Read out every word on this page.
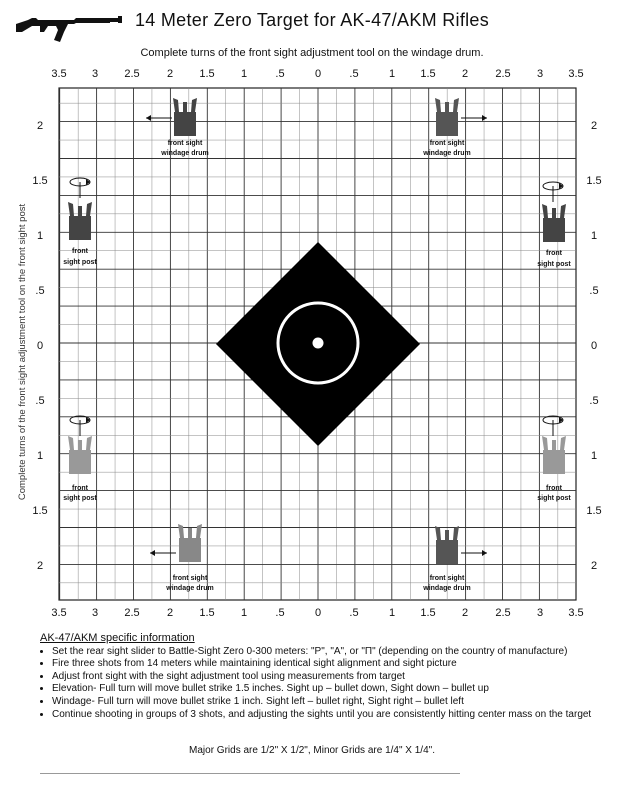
14 Meter Zero Target for AK-47/AKM Rifles
Complete turns of the front sight adjustment tool on the windage drum.
front sight
windage drum
front sight
windage drum
front sight
windage drum
front sight
windage drum
front
sight post
front
sight post
front
sight post
front
sight post
3.5 3 2.5 2 1.5 1	.5	0	.5	1 1.5 2 2.5 3 3.5
3.5 3 2.5 2 1.5 1	.5	0	.5	1 1.5 2 2.5 3 3.5
2
1.5
1
.5
0
.5
1
1.5
2
2
1.5
1
.5
0
.5
1
1.5
2
Complete turns of the front sight adjustment tool on the front sight post
AK-47/AKM specific information
• Set the rear sight slider to Battle-Sight Zero 0-300 meters: "P", "A", or "Π" (depending on the country of manufacture)
• Fire three shots from 14 meters while maintaining identical sight alignment and sight picture
• Adjust front sight with the sight adjustment tool using measurements from target
• Elevation- Full turn will move bullet strike 1.5 inches. Sight up – bullet down, Sight down – bullet up
• Windage- Full turn will move bullet strike 1 inch. Sight left – bullet right, Sight right – bullet left
• Continue shooting in groups of 3 shots, and adjusting the sights until you are consistently hitting center mass on the target
Major Grids are 1/2" X 1/2", Minor Grids are 1/4" X 1/4".
